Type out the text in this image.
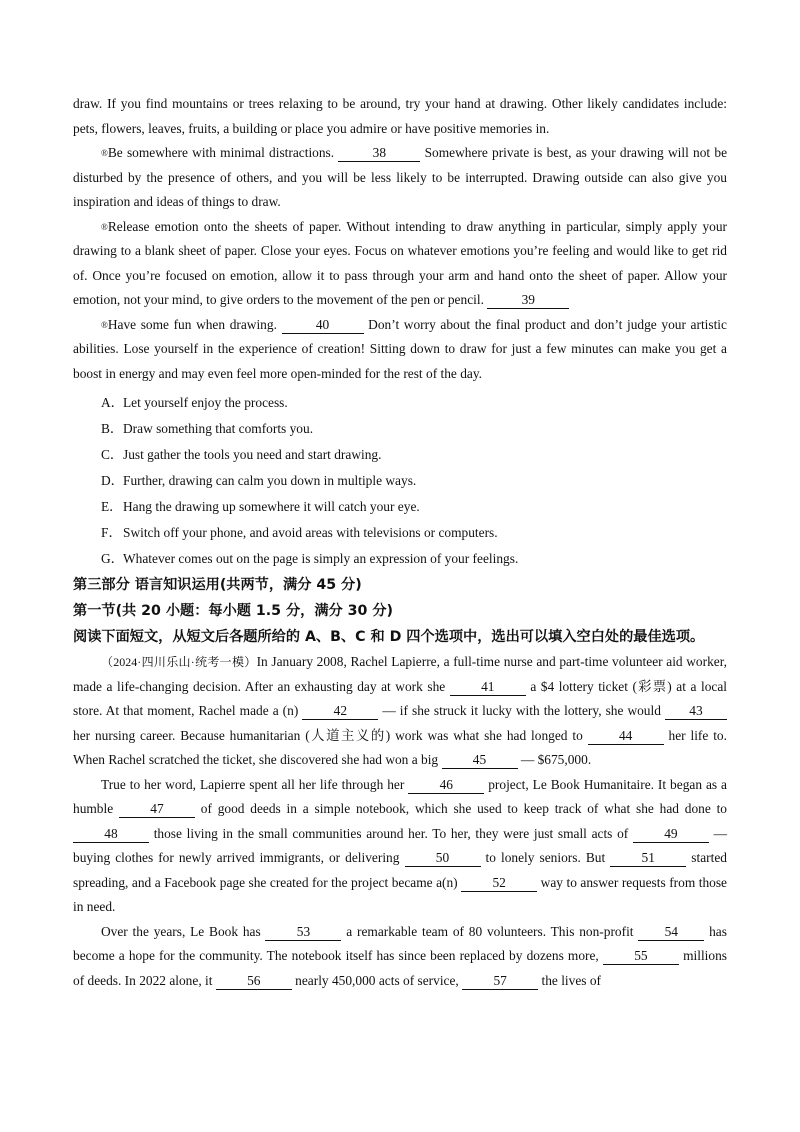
draw. If you find mountains or trees relaxing to be around, try your hand at drawing. Other likely candidates include: pets, flowers, leaves, fruits, a building or place you admire or have positive memories in.

®Be somewhere with minimal distractions.	38	Somewhere private is best, as your drawing will not be disturbed by the presence of others, and you will be less likely to be interrupted. Drawing outside can also give you inspiration and ideas of things to draw.

®Release emotion onto the sheets of paper. Without intending to draw anything in particular, simply apply your drawing to a blank sheet of paper. Close your eyes. Focus on whatever emotions you’re feeling and would like to get rid of. Once you’re focused on emotion, allow it to pass through your arm and hand onto the sheet of paper. Allow your emotion, not your mind, to give orders to the movement of the pen or pencil.	39

®Have some fun when drawing.	40	Don’t worry about the final product and don’t judge your artistic abilities. Lose yourself in the experience of creation! Sitting down to draw for just a few minutes can make you get a boost in energy and may even feel more open-minded for the rest of the day.

A．Let yourself enjoy the process.

B．Draw something that comforts you.

C．Just gather the tools you need and start drawing.

D．Further, drawing can calm you down in multiple ways.

E．Hang the drawing up somewhere it will catch your eye.

F．Switch off your phone, and avoid areas with televisions or computers.

G．Whatever comes out on the page is simply an expression of your feelings.

第三部分 语言知识运用(共两节，满分 45 分)

第一节(共 20 小题：每小题 1.5 分，满分 30 分)

阅读下面短文，从短文后各题所给的 A、B、C 和 D 四个选项中，选出可以填入空白处的最佳选项。

（2024·四川乐山·统考一模）In January 2008, Rachel Lapierre, a full-time nurse and part-time volunteer aid worker, made a life-changing decision. After an exhausting day at work she	41	a $4 lottery ticket (彩票) at a local store. At that moment, Rachel made a (n)	42	— if she struck it lucky with the lottery, she would 43 her nursing career. Because humanitarian (人道主义的) work was what she had longed to	44	her life to. When Rachel scratched the ticket, she discovered she had won a big	45	— $675,000.

True to her word, Lapierre spent all her life through her	46	project, Le Book Humanitaire. It began as a humble	47	of good deeds in a simple notebook, which she used to keep track of what she had done to 48	those living in the small communities around her. To her, they were just small acts of	49	— buying clothes for newly arrived immigrants, or delivering	50	to lonely seniors. But	51	started spreading, and a Facebook page she created for the project became a(n)	52	way to answer requests from those in need.

Over the years, Le Book has	53	a remarkable team of 80 volunteers. This non-profit 54 has become a hope for the community. The notebook itself has since been replaced by dozens more,	55	millions of deeds. In 2022 alone, it	56	nearly 450,000 acts of service,	57	the lives of
